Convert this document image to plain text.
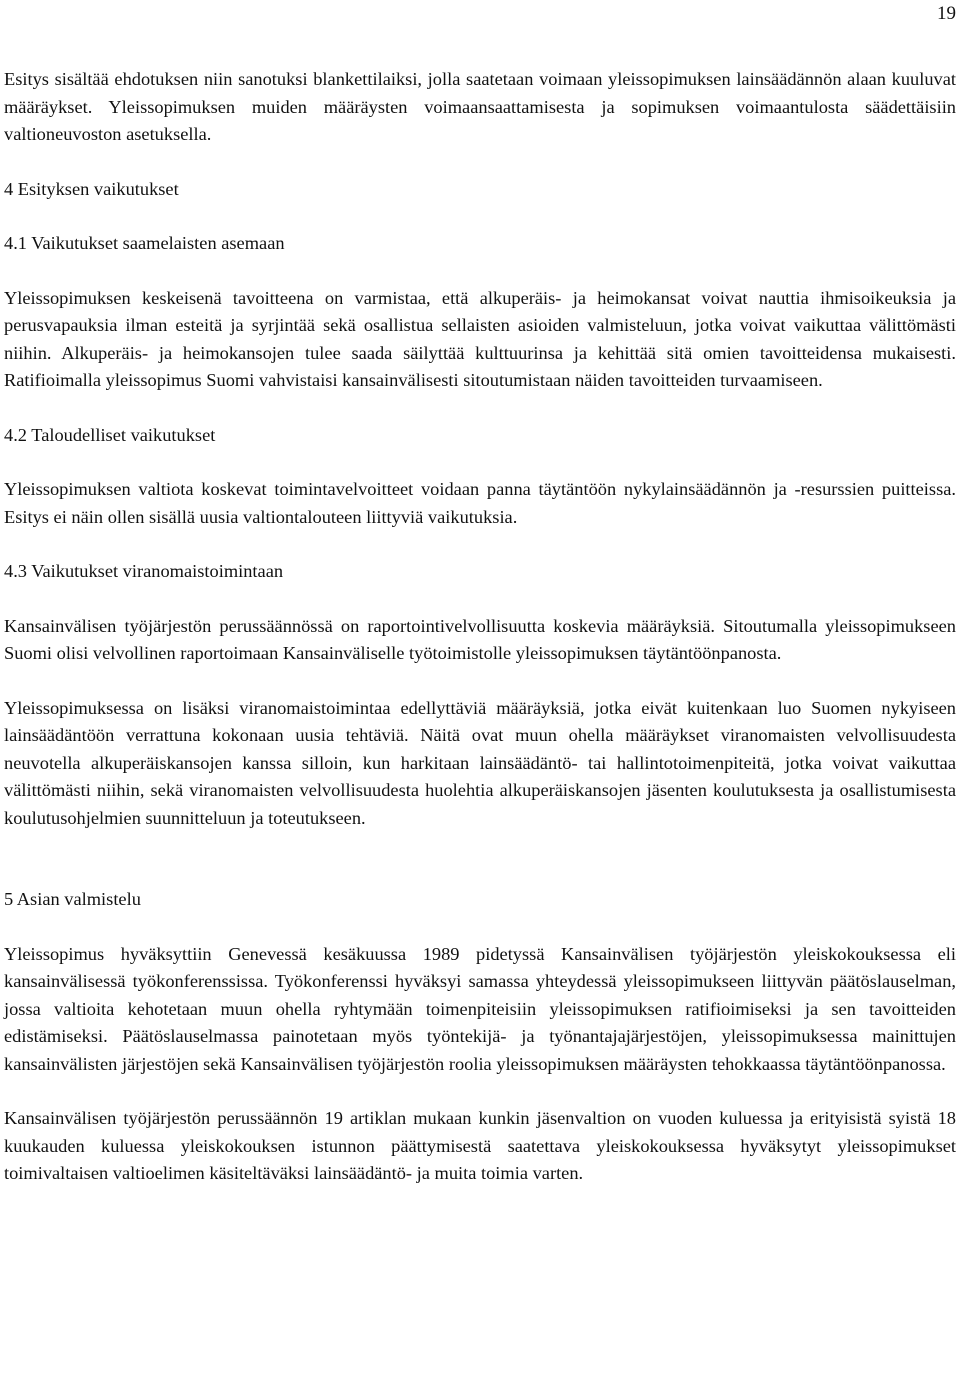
19

Esitys sisältää ehdotuksen niin sanotuksi blankettilaiksi, jolla saatetaan voimaan yleissopimuksen lainsäädännön alaan kuuluvat määräykset. Yleissopimuksen muiden määräysten voimaansaattamisesta ja sopimuksen voimaantulosta säädettäisiin valtioneuvoston asetuksella.

4 Esityksen vaikutukset
4.1 Vaikutukset saamelaisten asemaan

Yleissopimuksen keskeisenä tavoitteena on varmistaa, että alkuperäis- ja heimokansat voivat nauttia ihmisoikeuksia ja perusvapauksia ilman esteitä ja syrjintää sekä osallistua sellaisten asioiden valmisteluun, jotka voivat vaikuttaa välittömästi niihin. Alkuperäis- ja heimokansojen tulee saada säilyttää kulttuurinsa ja kehittää sitä omien tavoitteidensa mukaisesti. Ratifioimalla yleissopimus Suomi vahvistaisi kansainvälisesti sitoutumistaan näiden tavoitteiden turvaamiseen.

4.2 Taloudelliset vaikutukset

Yleissopimuksen valtiota koskevat toimintavelvoitteet voidaan panna täytäntöön nykylainsäädännön ja -resurssien puitteissa. Esitys ei näin ollen sisällä uusia valtiontalouteen liittyviä vaikutuksia.

4.3 Vaikutukset viranomaistoimintaan

Kansainvälisen työjärjestön perussäännössä on raportointivelvollisuutta koskevia määräyksiä. Sitoutumalla yleissopimukseen Suomi olisi velvollinen raportoimaan Kansainväliselle työtoimistolle yleissopimuksen täytäntöönpanosta.

Yleissopimuksessa on lisäksi viranomaistoimintaa edellyttäviä määräyksiä, jotka eivät kuitenkaan luo Suomen nykyiseen lainsäädäntöön verrattuna kokonaan uusia tehtäviä. Näitä ovat muun ohella määräykset viranomaisten velvollisuudesta neuvotella alkuperäiskansojen kanssa silloin, kun harkitaan lainsäädäntö- tai hallintotoimenpiteitä, jotka voivat vaikuttaa välittömästi niihin, sekä viranomaisten velvollisuudesta huolehtia alkuperäiskansojen jäsenten koulutuksesta ja osallistumisesta koulutusohjelmien suunnitteluun ja toteutukseen.

5 Asian valmistelu

Yleissopimus hyväksyttiin Genevessä kesäkuussa 1989 pidetyssä Kansainvälisen työjärjestön yleiskokouksessa eli kansainvälisessä työkonferenssissa. Työkonferenssi hyväksyi samassa yhteydessä yleissopimukseen liittyvän päätöslauselman, jossa valtioita kehotetaan muun ohella ryhtymään toimenpiteisiin yleissopimuksen ratifioimiseksi ja sen tavoitteiden edistämiseksi. Päätöslauselmassa painotetaan myös työntekijä- ja työnantajajärjestöjen, yleissopimuksessa mainittujen kansainvälisten järjestöjen sekä Kansainvälisen työjärjestön roolia yleissopimuksen määräysten tehokkaassa täytäntöönpanossa.

Kansainvälisen työjärjestön perussäännön 19 artiklan mukaan kunkin jäsenvaltion on vuoden kuluessa ja erityisistä syistä 18 kuukauden kuluessa yleiskokouksen istunnon päättymisestä saatettava yleiskokouksessa hyväksytyt yleissopimukset toimivaltaisen valtioelimen käsiteltäväksi lainsäädäntö- ja muita toimia varten.
